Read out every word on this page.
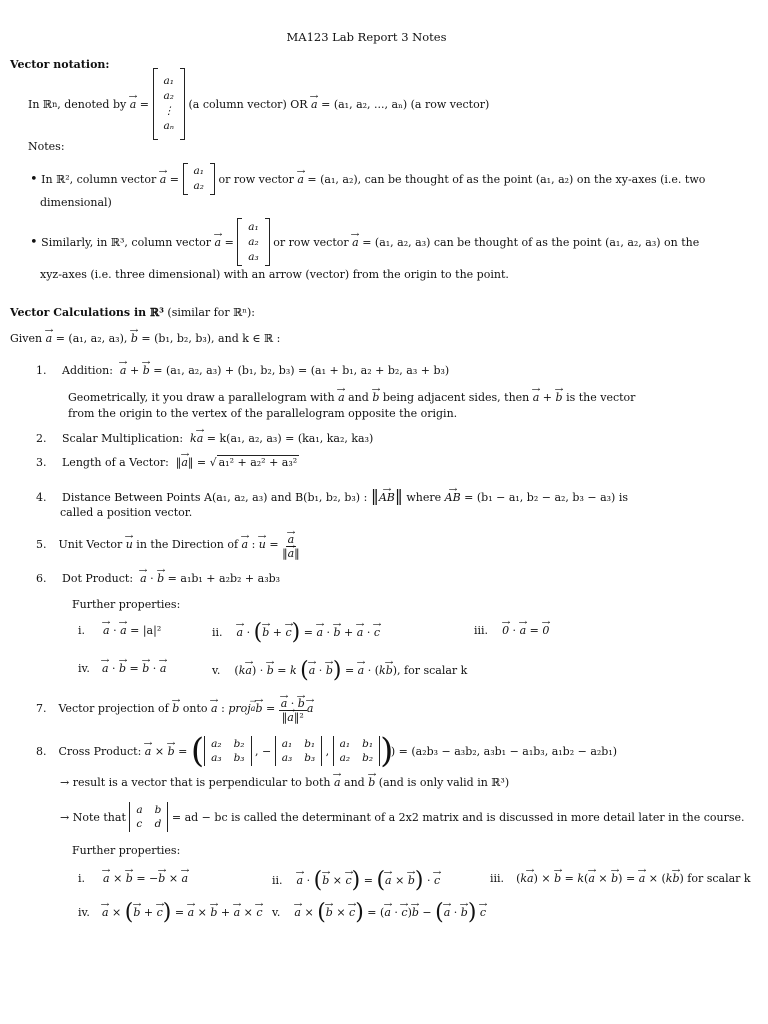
MA123 Lab Report 3 Notes
Vector notation:
In ℝ n , denoted by

→ a =
a₁
a₂
⋮
aₙ

(a column vector) OR

→ a
= (a₁, a₂, ..., aₙ) (a row vector)
Notes:
•
In ℝ², column vector

→ a =
a₁
a₂

or row vector

→ a
= (a₁, a₂), can be thought of as the point (a₁, a₂) on the xy-axes (i.e. two
dimensional)
•
Similarly, in ℝ³, column vector

→ a =
a₁
a₂
a₃

or row vector

→ a
= (a₁, a₂, a₃) can be thought of as the point (a₁, a₂, a₃) on the
xyz-axes (i.e. three dimensional) with an arrow (vector) from the origin to the point.
Vector Calculations in ℝ³ (similar for ℝⁿ):
Given → a = (a₁, a₂, a₃), → b = (b₁, b₂, b₃), and k ∈ ℝ :
1. Addition:  → a + → b = (a₁, a₂, a₃) + (b₁, b₂, b₃) = (a₁ + b₁, a₂ + b₂, a₃ + b₃)
Geometrically, it you draw a parallelogram with → a and → b being adjacent sides, then → a + → b is the vector
from the origin to the vertex of the parallelogram opposite the origin.
2. Scalar Multiplication: k→ a = k(a₁, a₂, a₃) = (ka₁, ka₂, ka₃)
3. Length of a Vector:  ‖→ a‖ = √ a₁² + a₂² + a₃²
4. Distance Between Points A(a₁, a₂, a₃) and B(b₁, b₂, b₃) : ‖→ AB‖ where → AB = (b₁ − a₁, b₂ − a₂, b₃ − a₃) is
called a position vector.
5. Unit Vector

→ u
in the Direction of

→ a :
→ u =
→ $\frac{a}{‖\to a‖}$
6. Dot Product:  → a · → b = a₁b₁ + a₂b₂ + a₃b₃
Further properties:
i.→ a · → a = |a|²	ii.→ a · (→ b + → c) = → a · → b + → a · → c	iii.→ 0 · → a = → 0
iv.→ a · → b = → b · → a	v. (k→ a) · → b = k (→ a · → b) = → a · (k→ b), for scalar k
7. Vector projection of

→ b
onto

→ a : proj
→ a
→ b =
→ $\frac{a \cdot \to b}{\text{‖→ a‖²}}$
→ a
8. Cross Product:

→ a ×
→ b = ( a₂ b₂
a₃ b₃
, −
a₁ b₁
a₃ b₃
,
a₁ b₁
a₂ b₂ )

) = (a₂b₃ − a₃b₂, a₃b₁ − a₁b₃, a₁b₂ − a₂b₁)
→ result is a vector that is perpendicular to both → a and → b (and is only valid in ℝ³)
→ Note that

a b
c d

= ad − bc is called the determinant of a 2x2 matrix and is discussed in more detail later in the course.
Further properties:
i.→ a × → b = −→ b × → a	ii.→ a · (→ b × → c) = (→ a × → b) · → c	iii. (k→ a) × → b = k(→ a × → b) = → a × (k→ b) for scalar k
iv.→ a × (→ b + → c) = → a × → b + → a × → c v.→ a × (→ b × → c) = (→ a · → c)→ b − (→ a · → b) → c
